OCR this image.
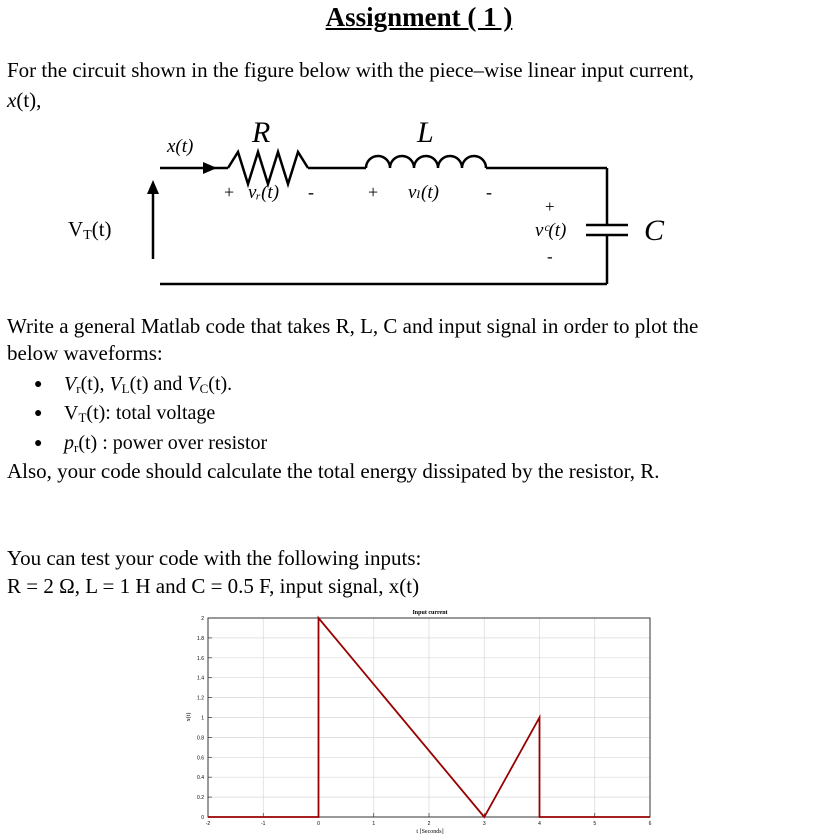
Assignment ( 1 )
For the circuit shown in the figure below with the piece–wise linear input current,
x(t),
x(t) R	L
C
+ vᵣ(t) -	+ vₗ(t)	-
+
vᶜ(t)
-
VT(t)
Write a general Matlab code that takes R, L, C and input signal in order to plot the
below waveforms:
● $V_r(t)$, $V_L(t)$ and $V_C(t)$.
● $V_T(t)$: total voltage
● $p_r(t)$ : power over resistor
Also, your code should calculate the total energy dissipated by the resistor, R.
You can test your code with the following inputs:
R = 2 Ω, L = 1 H and C = 0.5 F, input signal, x(t)
Input current
t [Seconds]
x(t)
-2	-1	0	1	2	3	4	5	6
0
0.2
0.4
0.6
0.8
1
1.2
1.4
1.6
1.8
2
